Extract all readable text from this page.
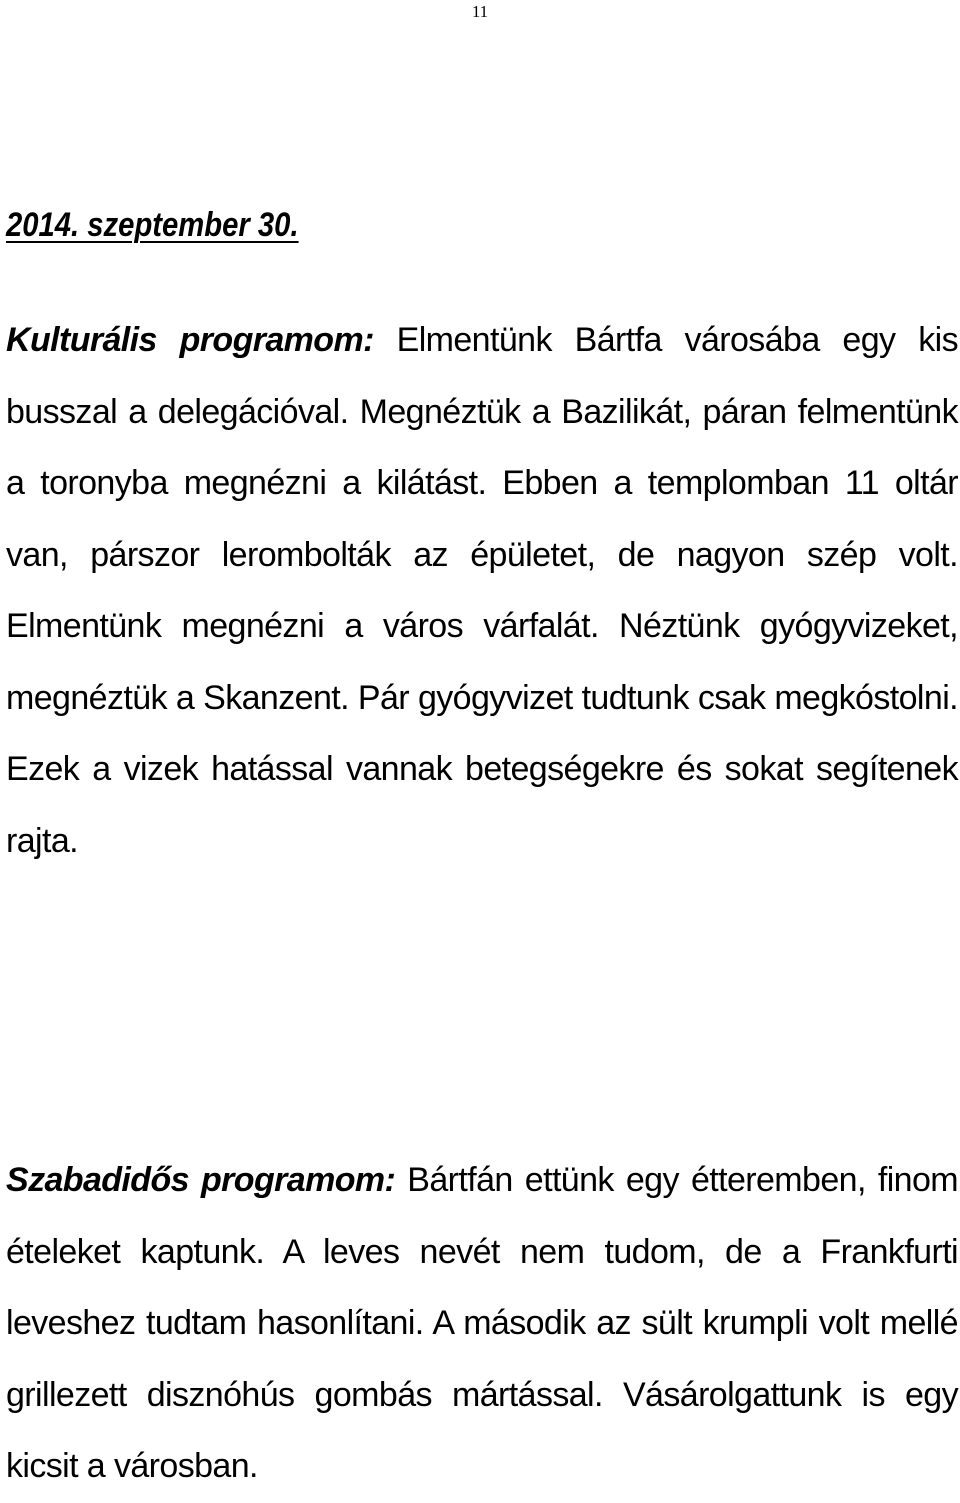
11
2014. szeptember 30.

Kulturális programom: Elmentünk Bártfa városába egy kis busszal a delegációval. Megnéztük a Bazilikát, páran felmentünk a toronyba megnézni a kilátást. Ebben a templomban 11 oltár van, párszor lerombolták az épületet, de nagyon szép volt. Elmentünk megnézni a város várfalát. Néztünk gyógyvizeket, megnéztük a Skanzent. Pár gyógyvizet tudtunk csak megkóstolni. Ezek a vizek hatással vannak betegségekre és sokat segítenek rajta.

Szabadidős programom: Bártfán ettünk egy étteremben, finom ételeket kaptunk. A leves nevét nem tudom, de a Frankfurti leveshez tudtam hasonlítani. A második az sült krumpli volt mellé grillezett disznóhús gombás mártással. Vásárolgattunk is egy kicsit a városban.
